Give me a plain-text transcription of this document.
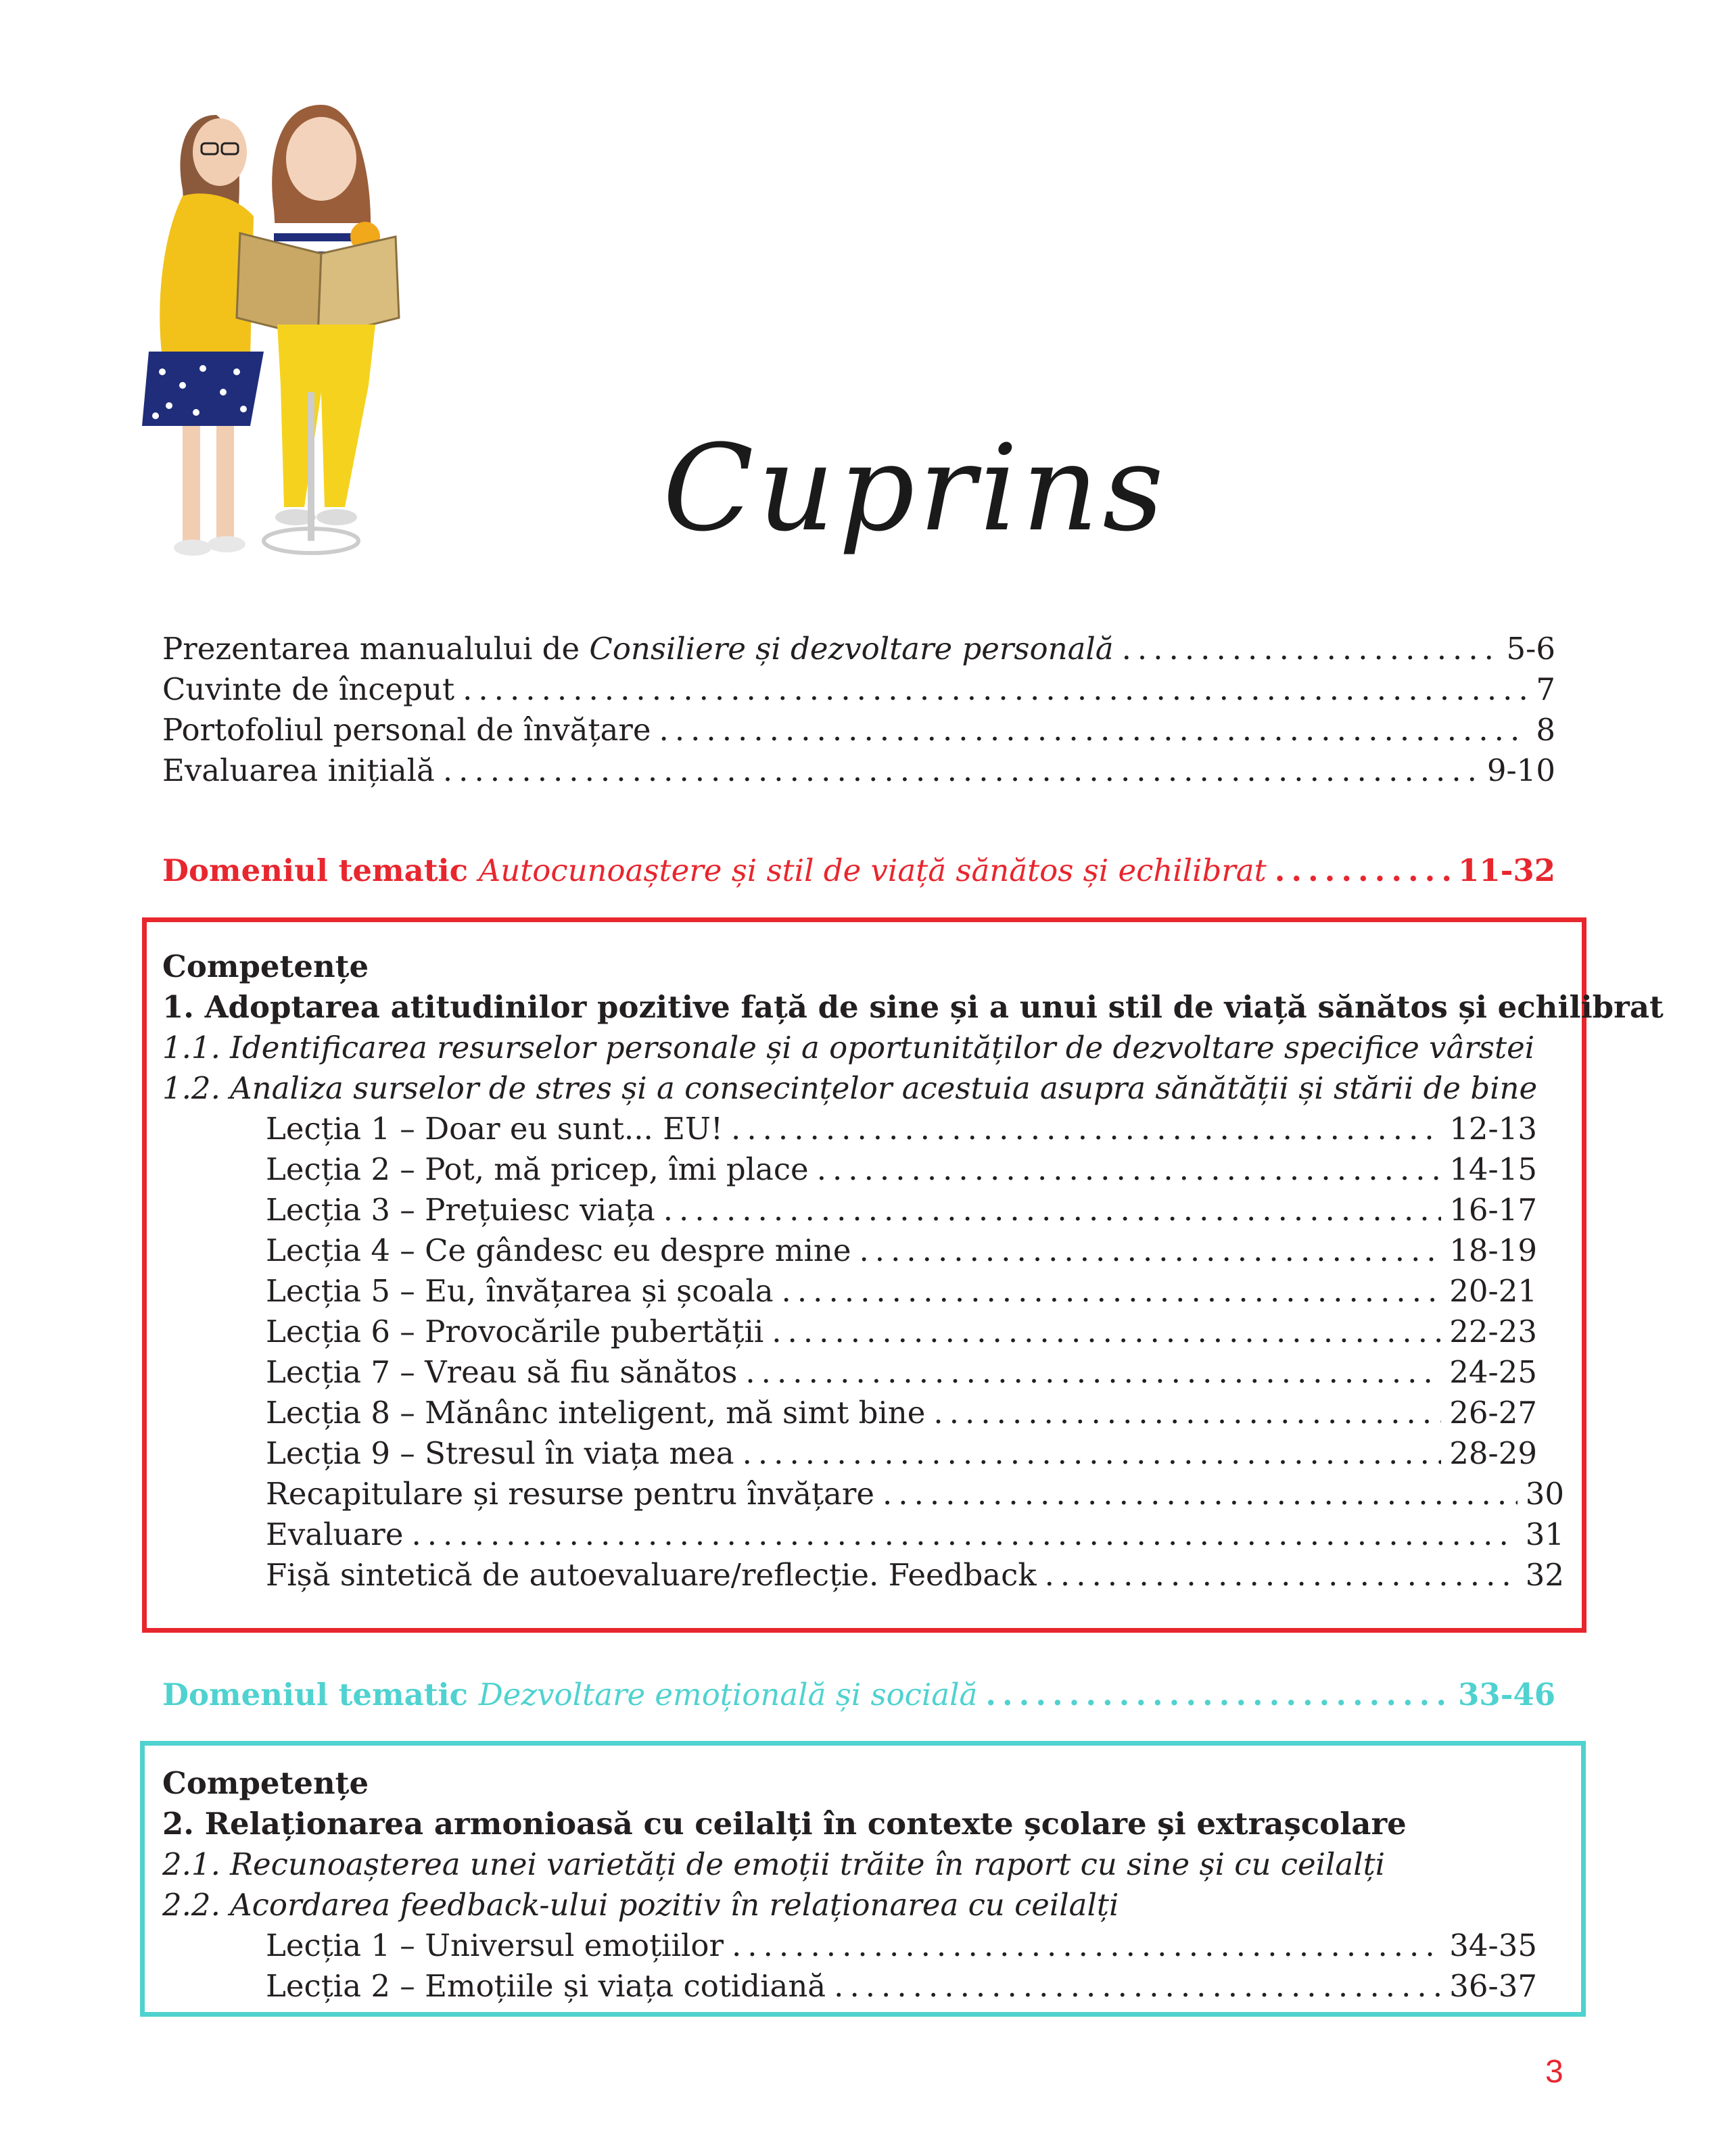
Cuprins
Prezentarea manualului de Consiliere și dezvoltare personală .....	5-6
Cuvinte de început .....	7
Portofoliul personal de învățare .....	8
Evaluarea inițială .....	9-10
Domeniul tematic Autocunoaștere și stil de viață sănătos și echilibrat .....	11-32
Competențe
1. Adoptarea atitudinilor pozitive față de sine și a unui stil de viață sănătos și echilibrat
1.1. Identificarea resurselor personale și a oportunităților de dezvoltare specifice vârstei
1.2. Analiza surselor de stres și a consecințelor acestuia asupra sănătății și stării de bine
Lecția 1 – Doar eu sunt... EU! .....	12-13
Lecția 2 – Pot, mă pricep, îmi place .....	14-15
Lecția 3 – Prețuiesc viața .....	16-17
Lecția 4 – Ce gândesc eu despre mine .....	18-19
Lecția 5 – Eu, învățarea și școala .....	20-21
Lecția 6 – Provocările pubertății .....	22-23
Lecția 7 – Vreau să fiu sănătos .....	24-25
Lecția 8 – Mănânc inteligent, mă simt bine .....	26-27
Lecția 9 – Stresul în viața mea .....	28-29
Recapitulare și resurse pentru învățare .....	30
Evaluare .....	31
Fișă sintetică de autoevaluare/reflecție. Feedback .....	32
Domeniul tematic Dezvoltare emoțională și socială .....	33-46
Competențe
2. Relaționarea armonioasă cu ceilalți în contexte școlare și extrașcolare
2.1. Recunoașterea unei varietăți de emoții trăite în raport cu sine și cu ceilalți
2.2. Acordarea feedback-ului pozitiv în relaționarea cu ceilalți
Lecția 1 – Universul emoțiilor .....	34-35
Lecția 2 – Emoțiile și viața cotidiană .....	36-37
3
